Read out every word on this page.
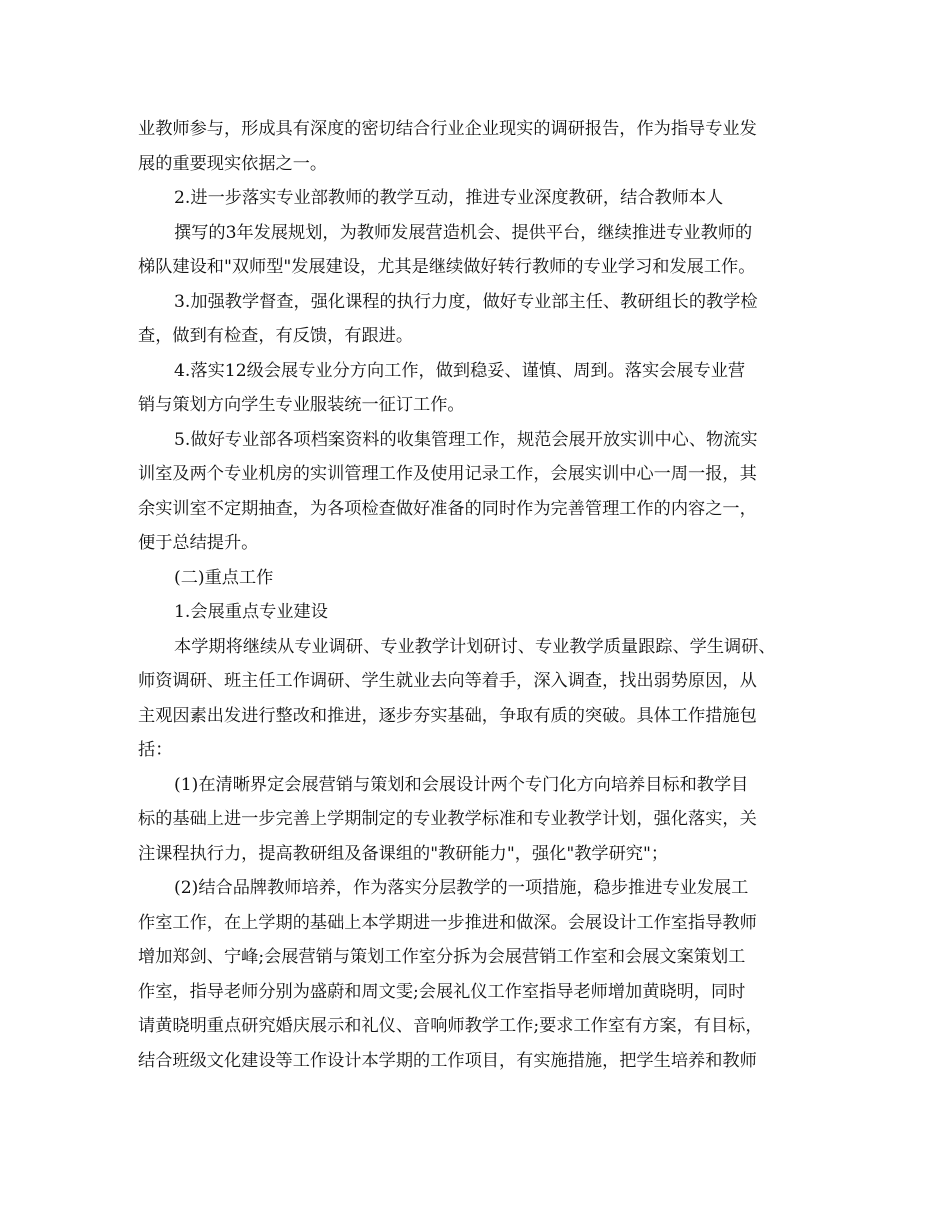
业教师参与，形成具有深度的密切结合行业企业现实的调研报告，作为指导专业发
展的重要现实依据之一。
2.进一步落实专业部教师的教学互动，推进专业深度教研，结合教师本人
撰写的3年发展规划，为教师发展营造机会、提供平台，继续推进专业教师的
梯队建设和"双师型"发展建设，尤其是继续做好转行教师的专业学习和发展工作。
3.加强教学督查，强化课程的执行力度，做好专业部主任、教研组长的教学检
查，做到有检查，有反馈，有跟进。
4.落实12级会展专业分方向工作，做到稳妥、谨慎、周到。落实会展专业营
销与策划方向学生专业服装统一征订工作。
5.做好专业部各项档案资料的收集管理工作，规范会展开放实训中心、物流实
训室及两个专业机房的实训管理工作及使用记录工作，会展实训中心一周一报，其
余实训室不定期抽查，为各项检查做好准备的同时作为完善管理工作的内容之一，
便于总结提升。
(二)重点工作
1.会展重点专业建设
本学期将继续从专业调研、专业教学计划研讨、专业教学质量跟踪、学生调研、
师资调研、班主任工作调研、学生就业去向等着手，深入调查，找出弱势原因，从
主观因素出发进行整改和推进，逐步夯实基础，争取有质的突破。具体工作措施包
括：
(1)在清晰界定会展营销与策划和会展设计两个专门化方向培养目标和教学目
标的基础上进一步完善上学期制定的专业教学标准和专业教学计划，强化落实，关
注课程执行力，提高教研组及备课组的"教研能力"，强化"教学研究"；
(2)结合品牌教师培养，作为落实分层教学的一项措施，稳步推进专业发展工
作室工作，在上学期的基础上本学期进一步推进和做深。会展设计工作室指导教师
增加郑剑、宁峰;会展营销与策划工作室分拆为会展营销工作室和会展文案策划工
作室，指导老师分别为盛蔚和周文雯;会展礼仪工作室指导老师增加黄晓明，同时
请黄晓明重点研究婚庆展示和礼仪、音响师教学工作;要求工作室有方案，有目标，
结合班级文化建设等工作设计本学期的工作项目，有实施措施，把学生培养和教师
